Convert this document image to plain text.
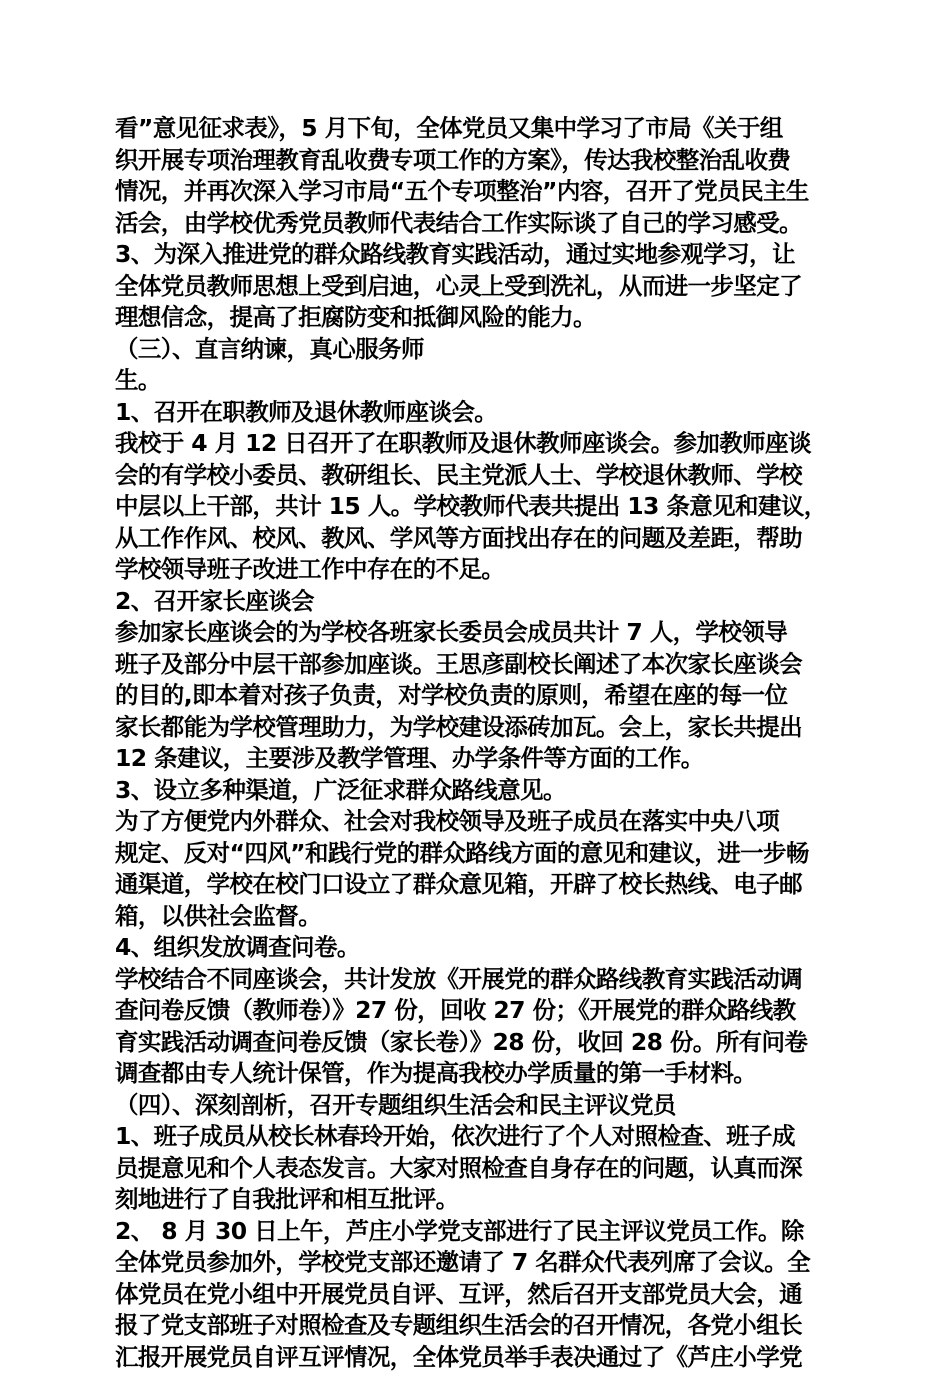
看”意见征求表》，5 月下旬，全体党员又集中学习了市局《关于组
织开展专项治理教育乱收费专项工作的方案》，传达我校整治乱收费
情况，并再次深入学习市局“五个专项整治”内容，召开了党员民主生
活会，由学校优秀党员教师代表结合工作实际谈了自己的学习感受。
3、为深入推进党的群众路线教育实践活动，通过实地参观学习，让
全体党员教师思想上受到启迪，心灵上受到洗礼，从而进一步坚定了
理想信念，提高了拒腐防变和抵御风险的能力。
（三）、直言纳谏，真心服务师
生。
1、召开在职教师及退休教师座谈会。
我校于 4 月 12 日召开了在职教师及退休教师座谈会。参加教师座谈
会的有学校小委员、教研组长、民主党派人士、学校退休教师、学校
中层以上干部，共计 15 人。学校教师代表共提出 13 条意见和建议，
从工作作风、校风、教风、学风等方面找出存在的问题及差距，帮助
学校领导班子改进工作中存在的不足。
2、召开家长座谈会
参加家长座谈会的为学校各班家长委员会成员共计 7 人，学校领导
班子及部分中层干部参加座谈。王思彦副校长阐述了本次家长座谈会
的目的,即本着对孩子负责，对学校负责的原则，希望在座的每一位
家长都能为学校管理助力，为学校建设添砖加瓦。会上，家长共提出
12 条建议，主要涉及教学管理、办学条件等方面的工作。
3、设立多种渠道，广泛征求群众路线意见。
为了方便党内外群众、社会对我校领导及班子成员在落实中央八项
规定、反对“四风”和践行党的群众路线方面的意见和建议，进一步畅
通渠道，学校在校门口设立了群众意见箱，开辟了校长热线、电子邮
箱，以供社会监督。
4、组织发放调查问卷。
学校结合不同座谈会，共计发放《开展党的群众路线教育实践活动调
查问卷反馈（教师卷）》27 份，回收 27 份；《开展党的群众路线教
育实践活动调查问卷反馈（家长卷）》28 份，收回 28 份。所有问卷
调查都由专人统计保管，作为提高我校办学质量的第一手材料。
（四）、深刻剖析，召开专题组织生活会和民主评议党员
1、班子成员从校长林春玲开始，依次进行了个人对照检查、班子成
员提意见和个人表态发言。大家对照检查自身存在的问题，认真而深
刻地进行了自我批评和相互批评。
2、 8 月 30 日上午，芦庄小学党支部进行了民主评议党员工作。除
全体党员参加外，学校党支部还邀请了 7 名群众代表列席了会议。全
体党员在党小组中开展党员自评、互评，然后召开支部党员大会，通
报了党支部班子对照检查及专题组织生活会的召开情况，各党小组长
汇报开展党员自评互评情况，全体党员举手表决通过了《芦庄小学党
